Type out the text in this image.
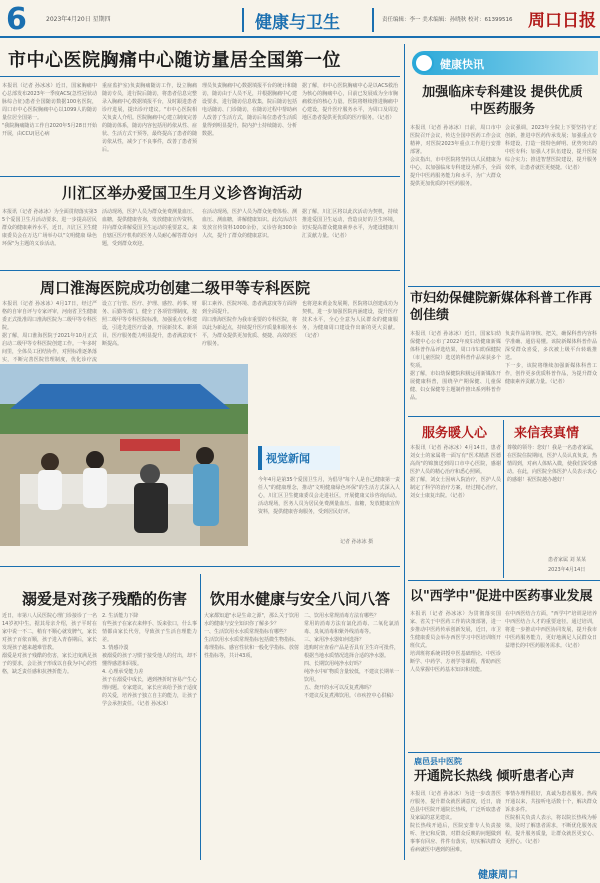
6	2023年4月20日 星期四	健康与卫生	责任编辑：李一 美术编辑：孙晓秋 校对：61399516 周口日报
市中心医院胸痛中心随访量居全国第一位
本报讯（记者 孙冰冰）近日，国家胸痛中心总部发布2023年一季度ACS(急性冠状动脉综合征)患者全国随访数据100名医院，周口市中心医院胸痛中心以1099人的随访量位居全国第一。
"我院胸痛随访工作自2020年5月28日开始开展，由CCU(冠心病
重症监护室)负责胸痛随访工作，设立胸痛随访专员，进行院后随访，将患者信息完整录入胸痛中心数据填报平台，及时跟进患者诊疗进展，提出诊疗建议。"市中心医院相关负责人介绍。医院胸痛中心建立制度完善的随访体系，随访内容包括用药依从性、症状、生活方式干预等，最终提高了患者的随访依从性，减少了不良事件，改善了患者预后。
理员负责胸痛中心数据填报平台的统计和随访，随访由于人员不足，并根据胸痛中心建设要求，进行随访信息收集，院后随访包括电话随访、门诊随访，在随访过程中帮助病人改善了生活方式，随访后每位患者生活质量得到明显提升，院内护士持续随访、分析数据。
据了解，市中心医院胸痛中心是以ACS救治为核心的胸痛中心，目前已发展成为全市胸痛救治的核心力量。医院将继续推进胸痛中心建设，提升医疗服务水平，为周口及周边地区患者提供更优质的医疗服务。（记者）
川汇区举办爱国卫生月义诊咨询活动
本报讯（记者 孙冰冰）为全面贯彻落实第35个爱国卫生月活动要求，进一步提高居民群众的健康素养水平，近日，川汇区卫生健康委员会在万达广场举办以"文明健康 绿色环保"为主题的义诊活动。
活动现场，医护人员为群众免费测量血压、血糖，提供健康咨询，发放健康宣传资料，并向群众讲解爱国卫生运动的重要意义。来自辖区医疗机构的医务人员耐心解答群众问题，受到群众欢迎。
在活动现场，医护人员为群众免费体检、测血压、测血糖，讲解健康知识。此次活动共发放宣传资料1000余份，义诊咨询300余人次，提升了群众的健康意识。
据了解，川汇区将以此次活动为契机，持续推进爱国卫生运动，营造良好的卫生环境，切实提高群众健康素养水平，为建设健康川汇贡献力量。（记者）
周口淮海医院成功创建二级甲等专科医院
本报讯（记者 孙冰冰）4月17日，经过严格的自审自评与专家评审，河南省卫生健康委正式批准周口淮海医院为二级甲等专科医院。
据了解，周口淮海医院于2021年10月正式启动二级甲等专科医院创建工作。一年多时间里，全体员工团结协作，对照标准逐条落实，不断完善医院管理制度，优化诊疗流
设立了行管、医疗、护理、感控、药事、财务、后勤等部门，健全了各项管理制度，按照二级甲等专科医院标准，加强重点专科建设，引进先进医疗设备，开展新技术、新项目，医疗服务能力明显提升，患者满意度不断提高。
职工素养、医院环境、患者满意度等方面得到全面提升。
周口淮海医院作为我市重要的专科医院，将以此为新起点，持续提升医疗质量和服务水平，为群众提供更加优质、便捷、高效的医疗服务。
也将迎来黄金发展期，医院将以创建成功为契机，进一步加强医院内涵建设，提升医疗技术水平，全心全意为人民群众的健康服务，为健康周口建设作出新的更大贡献。（记者）
视觉新闻
今年4月是第35个爱国卫生月，为倡导"每个人是自己健康第一责任人"的健康理念，推动"文明健康绿色环保"的生活方式深入人心，川汇区卫生健康委员会走进社区，开展健康义诊咨询活动。活动现场，医务人员为居民免费测量血压、血糖，发放健康宣传资料，提供健康咨询服务，受到居民好评。
记者 孙冰冰 摄
溺爱是对孩子残酷的伤害
近日，市第八人民医院心理门诊接诊了一名14岁初中生。据其母亲介绍，孩子平时在家中说一不二，稍有不顺心就发脾气，家长对孩子百依百顺，孩子进入青春期后，家长发现孩子越来越难管教。
溺爱是对孩子残酷的伤害，家长过度满足孩子的要求，会让孩子形成以自我为中心的性格，缺乏责任感和抗挫折能力。
2. 生活能力下降
有些孩子在家衣来伸手、饭来张口，什么事情都由家长代劳，导致孩子生活自理能力差。
3. 情感冷漠
被溺爱的孩子习惯于接受他人的付出，却不懂得感恩和回报。
4. 心理承受能力差
孩子在溺爱中成长，遇到挫折时容易产生心理问题。专家建议，家长应该给予孩子适度的关爱，培养孩子独立自主的能力，让孩子学会承担责任。（记者 孙冰冰）
饮用水健康与安全八问八答
大家都知道"水是生命之源"，那么关于饮用水的健康与安全知识你了解多少？
一、生活饮用水水质常规指标有哪些？
生活饮用水水质常规指标包括微生物指标、毒理指标、感官性状和一般化学指标、放射性指标等，共计43项。
二、饮用水常规消毒方法有哪些？
常用的消毒方法有氯化消毒、二氧化氯消毒、臭氧消毒和紫外线消毒等。
三、家用净水器如何选择？
选购时应查看产品是否具有卫生许可批件，根据当地水质情况选择合适的净水器。
四、长期饮用纯净水好吗？
纯净水中矿物质含量较低，不建议长期单一饮用。
五、烧开的水可以反复煮沸吗？
不建议反复煮沸饮用。（市疾控中心供稿）
健康快讯
加强临床专科建设 提供优质中医药服务
本报讯（记者 孙冰冰）日前，周口市中医院召开会议，传达全国中医药工作会议精神，对医院2023年重点工作进行安排部署。
会议指出，市中医院将坚持以人民健康为中心，以加强临床专科建设为抓手，全面提升中医药服务能力和水平，为广大群众提供更加优质的中医药服务。
会议强调，2023年全院上下要坚持守正创新，推进中医药传承发展；加强重点专科建设，打造一批特色鲜明、优势突出的中医专科；加强人才队伍建设，提升医院综合实力；推进智慧医院建设，提升服务效率，让患者就医更便捷。（记者）
市妇幼保健院新媒体科普工作再创佳绩
本报讯（记者 孙冰冰）近日，国家妇幼保健中心公布了2022年度妇幼健康新媒体科普作品评选结果，周口市妇幼保健院（市儿童医院）选送的科普作品荣获多个奖项。
据了解，市妇幼保健院积极运用新媒体开展健康科普，围绕孕产期保健、儿童保健、妇女保健等主题制作推出系列科普作品。
负责作品的审核、把关，确保科普内容科学准确、通俗易懂。该院新媒体科普作品深受群众喜爱，多次被上级平台转载推送。
下一步，该院将继续加强新媒体科普工作，创作更多优质科普作品，为提升群众健康素养贡献力量。（记者）
服务暖人心
本报讯（记者 孙冰冰）4月14日，患者刘女士的家属将一面写有"医术精湛 医德高尚"的锦旗送到周口市中心医院，感谢医护人员的精心治疗和悉心照顾。
据了解，刘女士因病入院治疗，医护人员制定了科学的治疗方案，经过精心治疗，刘女士康复出院。（记者）
来信表真情
尊敬的领导：您好！我是一名患者家属，在医院住院期间，医护人员认真负责，热情周到，对病人体贴入微，使我们深受感动。在此，向医院全体医护人员表示衷心的感谢！祝医院越办越好！
患者家属 刘 某某
2023年4月14日
以"西学中"促进中医药事业发展
本报讯（记者 孙冰冰）为贯彻落实国家、省关于中医药工作的决策部署，进一步推动中医药传承创新发展，近日，市卫生健康委员会举办西医学习中医培训班开班仪式。
培训班将系统讲授中医基础理论、中医诊断学、中药学、方剂学等课程，帮助西医人员掌握中医药基本知识和技能。
在中西医结合方面，"西学中"培训是培养中西医结合人才的重要途径。通过培训，将进一步推动中西医协同发展，提升我市中医药服务能力，更好地满足人民群众日益增长的中医药服务需求。（记者）
鹿邑县中医院
开通院长热线 倾听患者心声
本报讯（记者 孙冰冰）为进一步改善医疗服务，提升群众就医满意度，近日，鹿邑县中医院开通院长热线，广泛听取患者及家属的意见建议。
院长热线开通后，医院安排专人负责接听、登记和反馈，对群众反映的问题做到事事有回应、件件有落实，切实解决群众看病就医中遇到的困难。
事情办理得很好，真诚为患者服务。热线开通以来，共接听电话数十个，解决群众诉求多件。
医院相关负责人表示，将以院长热线为桥梁，及时了解患者需求，不断优化服务流程，提升服务质量，让群众就医更安心、更舒心。（记者）
健康周口
